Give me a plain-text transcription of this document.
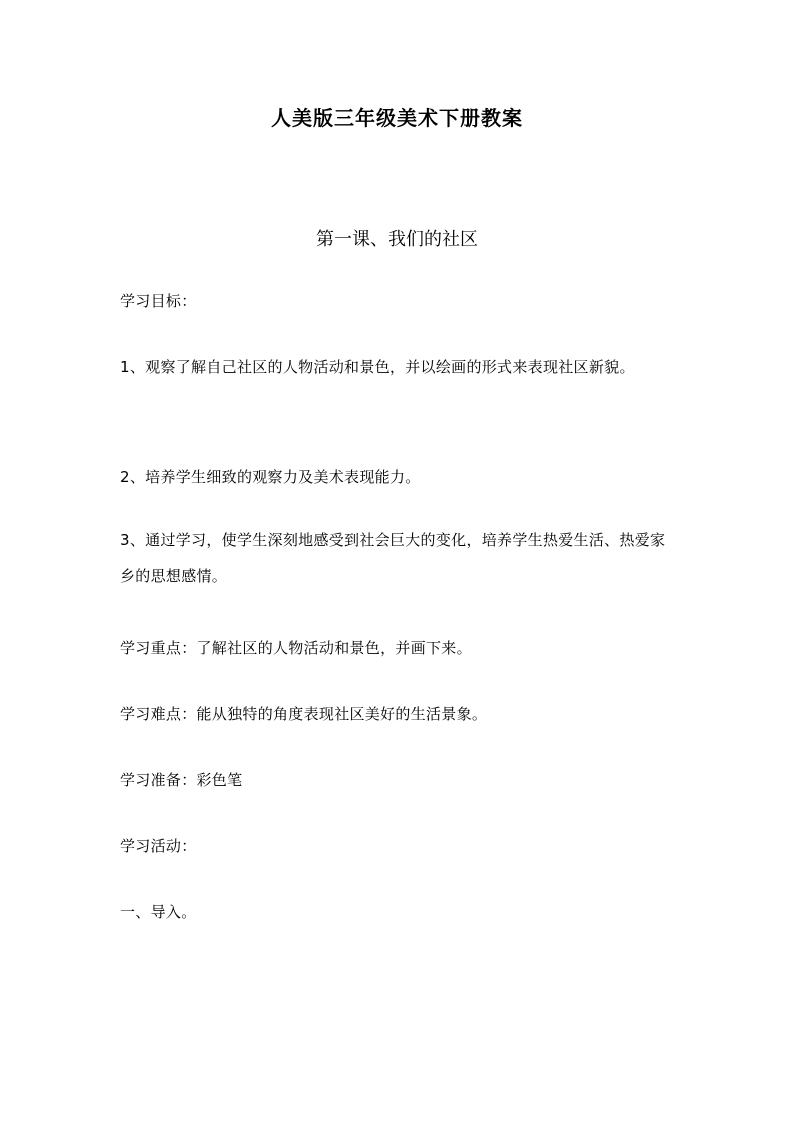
人美版三年级美术下册教案
第一课、我们的社区

学习目标：

1、观察了解自己社区的人物活动和景色，并以绘画的形式来表现社区新貌。

2、培养学生细致的观察力及美术表现能力。

3、通过学习，使学生深刻地感受到社会巨大的变化，培养学生热爱生活、热爱家乡的思想感情。

学习重点：了解社区的人物活动和景色，并画下来。

学习难点：能从独特的角度表现社区美好的生活景象。

学习准备：彩色笔

学习活动：

一、导入。
